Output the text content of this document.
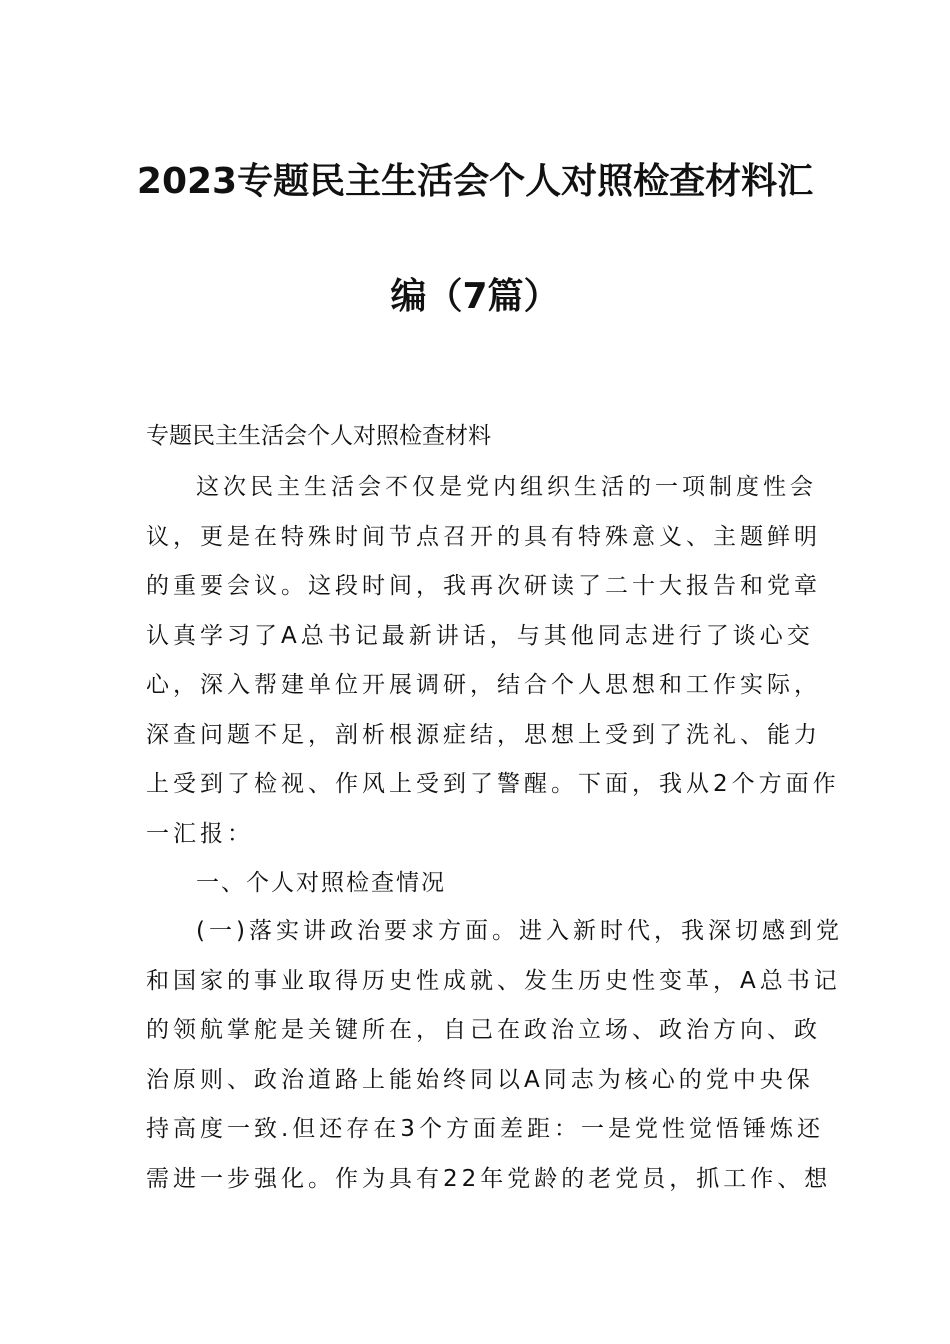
2023专题民主生活会个人对照检查材料汇
编（7篇）
专题民主生活会个人对照检查材料
这次民主生活会不仅是党内组织生活的一项制度性会
议，更是在特殊时间节点召开的具有特殊意义、主题鲜明
的重要会议。这段时间，我再次研读了二十大报告和党章
认真学习了A总书记最新讲话，与其他同志进行了谈心交
心，深入帮建单位开展调研，结合个人思想和工作实际，
深查问题不足，剖析根源症结，思想上受到了洗礼、能力
上受到了检视、作风上受到了警醒。下面，我从2个方面作
一汇报：
一、个人对照检查情况
(一)落实讲政治要求方面。进入新时代，我深切感到党
和国家的事业取得历史性成就、发生历史性变革，A总书记
的领航掌舵是关键所在，自己在政治立场、政治方向、政
治原则、政治道路上能始终同以A同志为核心的党中央保
持高度一致.但还存在3个方面差距：一是党性觉悟锤炼还
需进一步强化。作为具有22年党龄的老党员，抓工作、想
